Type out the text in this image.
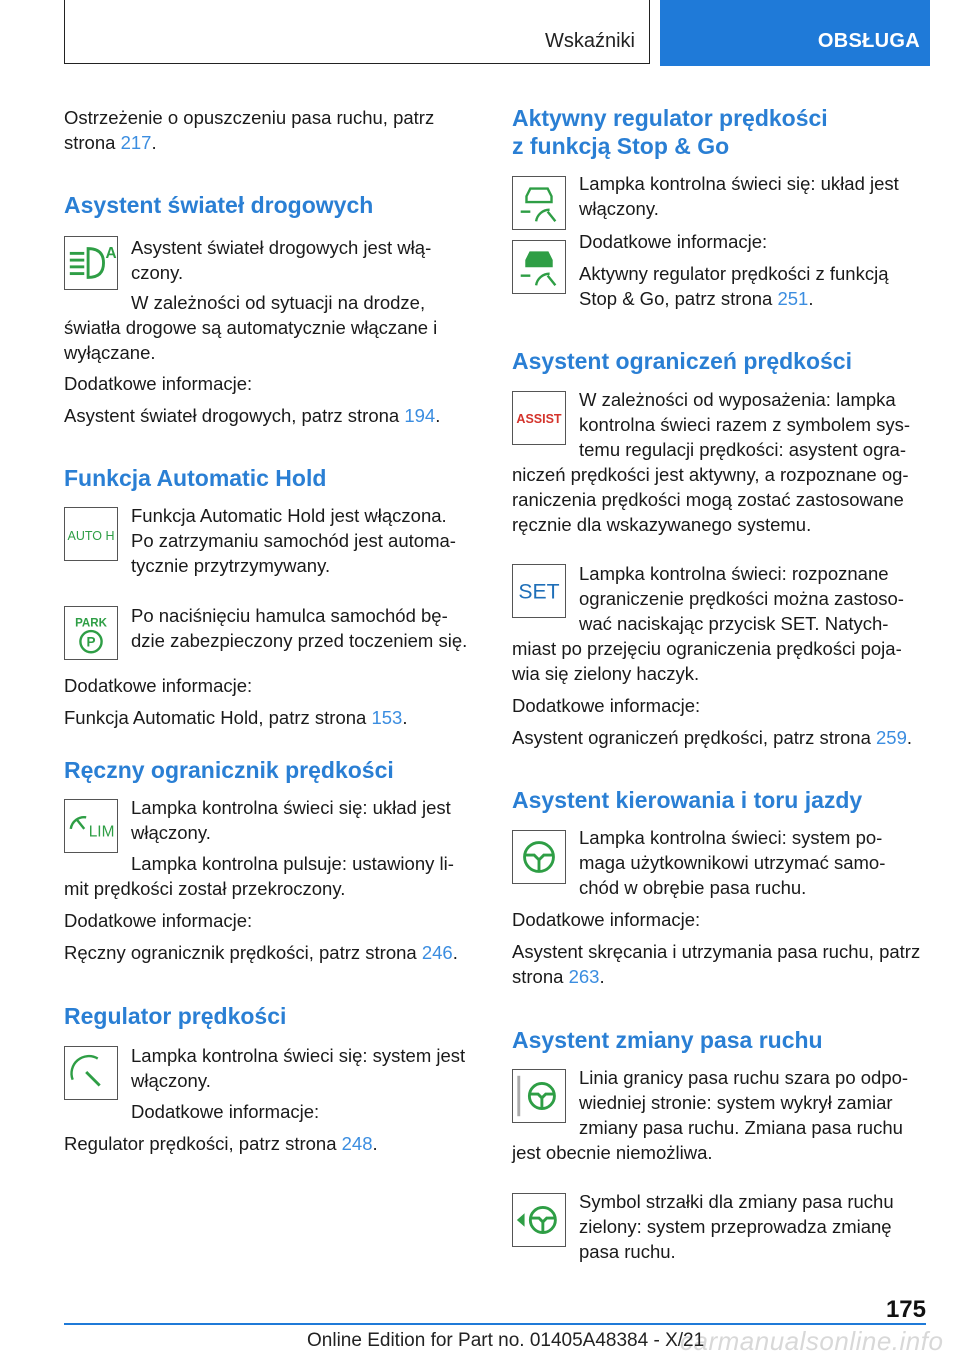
Wskaźniki	OBSŁUGA
Ostrzeżenie o opuszczeniu pasa ruchu, patrz
strona 217.
Asystent świateł drogowych
A Asystent świateł drogowych jest włą‐
czony.
W zależności od sytuacji na drodze,
światła drogowe są automatycznie włączane i
wyłączane.
Dodatkowe informacje:
Asystent świateł drogowych, patrz strona 194.
Funkcja Automatic Hold
AUTO H
Funkcja Automatic Hold jest włączona.
Po zatrzymaniu samochód jest automa‐
tycznie przytrzymywany.
PARK
P
Po naciśnięciu hamulca samochód bę‐
dzie zabezpieczony przed toczeniem się.
Dodatkowe informacje:
Funkcja Automatic Hold, patrz strona 153.
Ręczny ogranicznik prędkości
LIM
Lampka kontrolna świeci się: układ jest
włączony.
Lampka kontrolna pulsuje: ustawiony li‐
mit prędkości został przekroczony.
Dodatkowe informacje:
Ręczny ogranicznik prędkości, patrz strona 246.
Regulator prędkości
Lampka kontrolna świeci się: system jest
włączony.
Dodatkowe informacje:
Regulator prędkości, patrz strona 248.
Aktywny regulator prędkości
z funkcją Stop & Go
Lampka kontrolna świeci się: układ jest
włączony.
Dodatkowe informacje:
Aktywny regulator prędkości z funkcją
Stop & Go, patrz strona 251.
Asystent ograniczeń prędkości
ASSIST
W zależności od wyposażenia: lampka
kontrolna świeci razem z symbolem sys‐
temu regulacji prędkości: asystent ogra‐
niczeń prędkości jest aktywny, a rozpoznane og‐
raniczenia prędkości mogą zostać zastosowane
ręcznie dla wskazywanego systemu.
SET
Lampka kontrolna świeci: rozpoznane
ograniczenie prędkości można zastoso‐
wać naciskając przycisk SET. Natych‐
miast po przejęciu ograniczenia prędkości poja‐
wia się zielony haczyk.
Dodatkowe informacje:
Asystent ograniczeń prędkości, patrz strona 259.
Asystent kierowania i toru jazdy
Lampka kontrolna świeci: system po‐
maga użytkownikowi utrzymać samo‐
chód w obrębie pasa ruchu.
Dodatkowe informacje:
Asystent skręcania i utrzymania pasa ruchu, patrz
strona 263.
Asystent zmiany pasa ruchu
Linia granicy pasa ruchu szara po odpo‐
wiedniej stronie: system wykrył zamiar
zmiany pasa ruchu. Zmiana pasa ruchu
jest obecnie niemożliwa.
Symbol strzałki dla zmiany pasa ruchu
zielony: system przeprowadza zmianę
pasa ruchu.
175
carmanualsonline.info
Online Edition for Part no. 01405A48384 - X/21
